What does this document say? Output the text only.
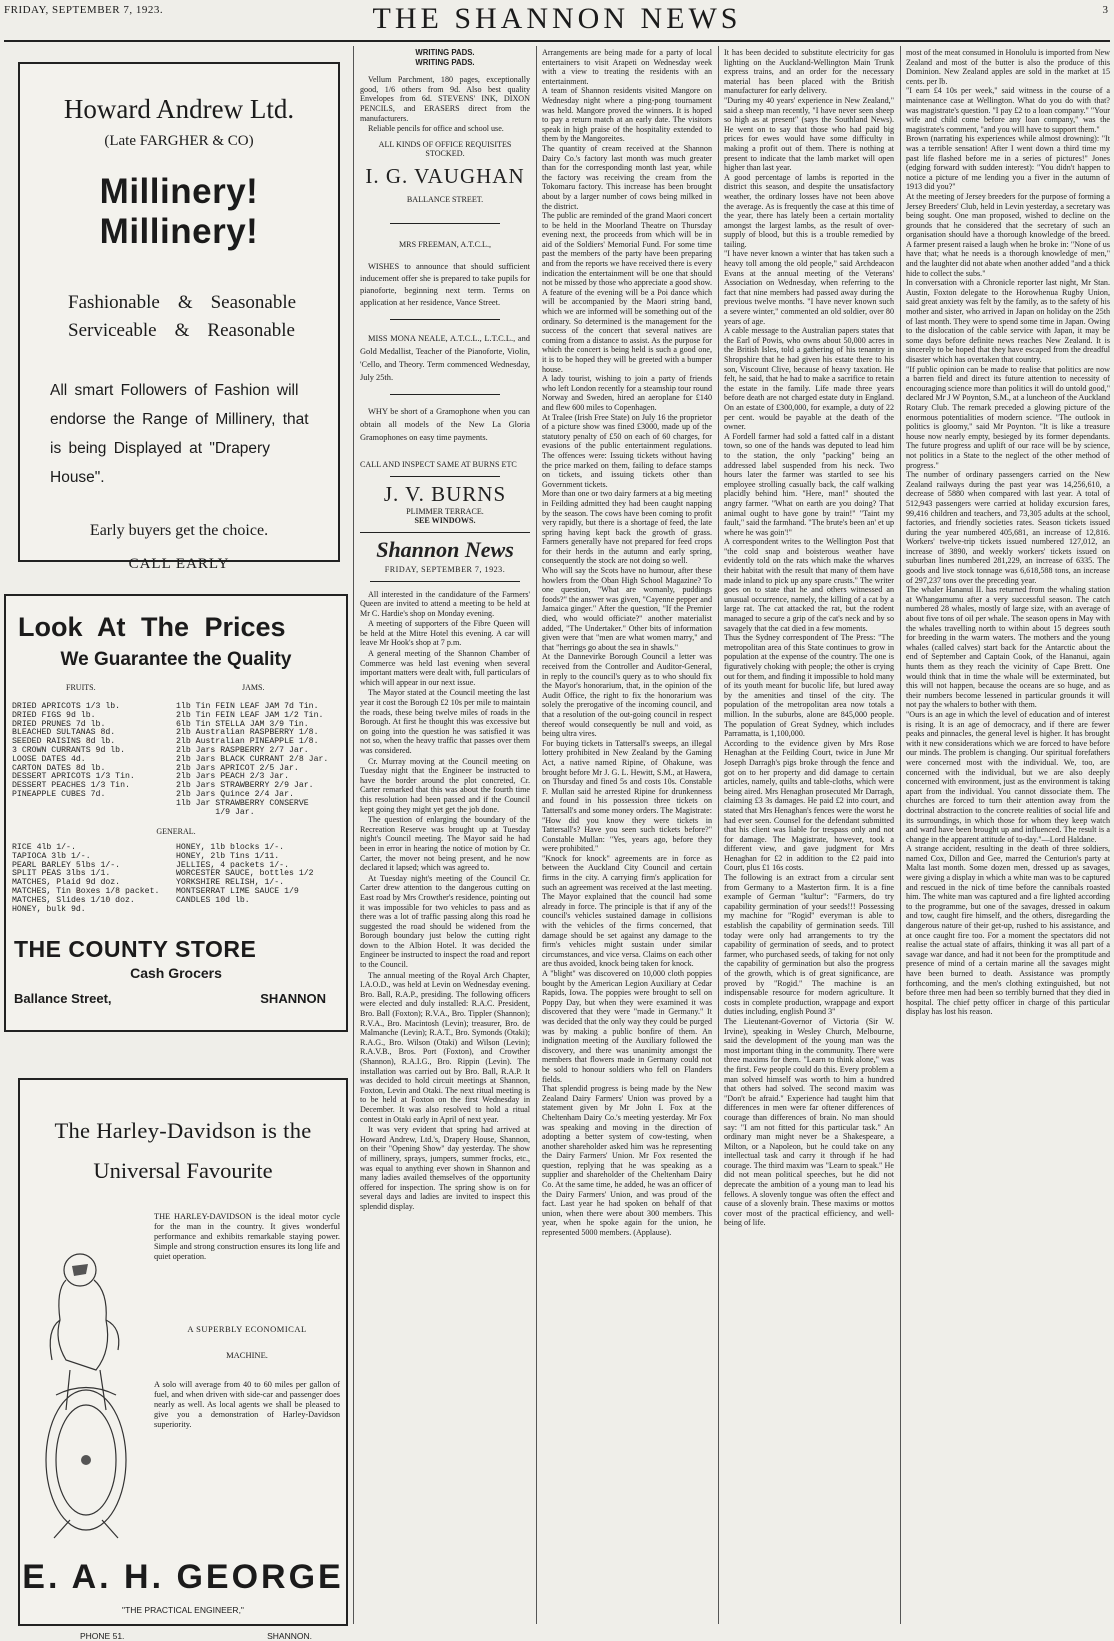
FRIDAY, SEPTEMBER 7, 1923.	THE SHANNON NEWS	3
Howard Andrew Ltd.
(Late FARGHER & CO)
Millinery! Millinery!
Fashionable & Seasonable
Serviceable & Reasonable
All smart Followers of Fashion will endorse the Range of Millinery, that is being Displayed at "Drapery House".
Early buyers get the choice.
CALL EARLY
Look At The Prices
We Guarantee the Quality
FRUITS.	JAMS.
DRIED APRICOTS 1/3 lb.
DRIED FIGS 9d lb.
DRIED PRUNES 7d lb.
BLEACHED SULTANAS 8d.
SEEDED RAISINS 8d lb.
3 CROWN CURRANTS 9d lb.
LOOSE DATES 4d.
CARTON DATES 8d lb.
DESSERT APRICOTS 1/3 Tin.
DESSERT PEACHES 1/3 Tin.
PINEAPPLE CUBES 7d.
1lb Tin FEIN LEAF JAM 7d Tin.
2lb Tin FEIN LEAF JAM 1/2 Tin.
6lb Tin STELLA JAM 3/9 Tin.
2lb Australian RASPBERRY 1/8.
2lb Australian PINEAPPLE 1/8.
2lb Jars RASPBERRY 2/7 Jar.
2lb Jars BLACK CURRANT 2/8 Jar.
2lb Jars APRICOT 2/5 Jar.
2lb Jars PEACH 2/3 Jar.
2lb Jars STRAWBERRY 2/9 Jar.
2lb Jars Quince 2/4 Jar.
1lb Jar STRAWBERRY CONSERVE
1/9 Jar.
GENERAL.
RICE 4lb 1/-.
TAPIOCA 3lb 1/-.
PEARL BARLEY 5lbs 1/-.
SPLIT PEAS 3lbs 1/1.
MATCHES, Plaid 9d doz.
MATCHES, Tin Boxes 1/8 packet.
MATCHES, Slides 1/10 doz.
HONEY, bulk 9d.
HONEY, 1lb blocks 1/-.
HONEY, 2lb Tins 1/11.
JELLIES, 4 packets 1/-.
WORCESTER SAUCE, bottles 1/2
YORKSHIRE RELISH, 1/-.
MONTSERRAT LIME SAUCE 1/9
CANDLES 10d lb.
THE COUNTY STORE
Cash Grocers
Ballance Street,	SHANNON
The Harley-Davidson is the
Universal Favourite
THE HARLEY-DAVIDSON is the ideal motor cycle for the man in the country. It gives wonderful performance and exhibits remarkable staying power. Simple and strong construction ensures its long life and quiet operation.
A SUPERBLY ECONOMICAL
MACHINE.
A solo will average from 40 to 60 miles per gallon of fuel, and when driven with side-car and passenger does nearly as well. As local agents we shall be pleased to give you a demonstration of Harley-Davidson superiority.
E. A. H. GEORGE
"THE PRACTICAL ENGINEER,"
PHONE 51.	SHANNON.
WRITING PADS.
WRITING PADS.

Vellum Parchment, 180 pages, exceptionally good, 1/6 others from 9d. Also best quality Envelopes from 6d. STEVENS' INK, DIXON PENCILS, and ERASERS direct from the manufacturers.

Reliable pencils for office and school use.

ALL KINDS OF OFFICE REQUISITES STOCKED.
I. G. VAUGHAN
BALLANCE STREET.
MRS FREEMAN, A.T.C.L.,

WISHES to announce that should sufficient inducement offer she is prepared to take pupils for pianoforte, beginning next term. Terms on application at her residence, Vance Street.

MISS MONA NEALE, A.T.C.L., L.T.C.L., and Gold Medallist, Teacher of the Pianoforte, Violin, 'Cello, and Theory. Term commenced Wednesday, July 25th.

WHY be short of a Gramophone when you can obtain all models of the New La Gloria Gramophones on easy time payments.

CALL AND INSPECT SAME AT BURNS ETC
J. V. BURNS
PLIMMER TERRACE.
SEE WINDOWS.
Shannon News
FRIDAY, SEPTEMBER 7, 1923.

All interested in the candidature of the Farmers' Queen are invited to attend a meeting to be held at Mr C. Hardie's shop on Monday evening.

A meeting of supporters of the Fibre Queen will be held at the Mitre Hotel this evening. A car will leave Mr Hook's shop at 7 p.m.

A general meeting of the Shannon Chamber of Commerce was held last evening when several important matters were dealt with, full particulars of which will appear in our next issue.

The Mayor stated at the Council meeting the last year it cost the Borough £2 10s per mile to maintain the roads, these being twelve miles of roads in the Borough. At first he thought this was excessive but on going into the question he was satisfied it was not so, when the heavy traffic that passes over them was considered.

Cr. Murray moving at the Council meeting on Tuesday night that the Engineer be instructed to have the border around the plot concreted, Cr. Carter remarked that this was about the fourth time this resolution had been passed and if the Council kept going they might yet get the job done.

The question of enlarging the boundary of the Recreation Reserve was brought up at Tuesday night's Council meeting. The Mayor said he had been in error in hearing the notice of motion by Cr. Carter, the mover not being present, and he now declared it lapsed; which was agreed to.

At Tuesday night's meeting of the Council Cr. Carter drew attention to the dangerous cutting on East road by Mrs Crowther's residence, pointing out it was impossible for two vehicles to pass and as there was a lot of traffic passing along this road he suggested the road should be widened from the Borough boundary just below the cutting right down to the Albion Hotel. It was decided the Engineer be instructed to inspect the road and report to the Council.

The annual meeting of the Royal Arch Chapter, I.A.O.D., was held at Levin on Wednesday evening. Bro. Ball, R.A.P., presiding. The following officers were elected and duly installed: R.A.C. President, Bro. Ball (Foxton); R.V.A., Bro. Tippler (Shannon); R.V.A., Bro. Macintosh (Levin); treasurer, Bro. de Malmanche (Levin); R.A.T., Bro. Symonds (Otaki); R.A.G., Bro. Wilson (Otaki) and Wilson (Levin); R.A.V.B., Bros. Port (Foxton), and Crowther (Shannon), R.A.I.G., Bro. Rippin (Levin). The installation was carried out by Bro. Ball, R.A.P. It was decided to hold circuit meetings at Shannon, Foxton, Levin and Otaki. The next ritual meeting is to be held at Foxton on the first Wednesday in December. It was also resolved to hold a ritual contest in Otaki early in April of next year.

It was very evident that spring had arrived at Howard Andrew, Ltd.'s, Drapery House, Shannon, on their "Opening Show" day yesterday. The show of millinery, sprays, jumpers, summer frocks, etc., was equal to anything ever shown in Shannon and many ladies availed themselves of the opportunity offered for inspection. The spring show is on for several days and ladies are invited to inspect this splendid display.

Arrangements are being made for a party of local entertainers to visit Arapeti on Wednesday week with a view to treating the residents with an entertainment.
A team of Shannon residents visited Mangore on Wednesday night where a ping-pong tournament was held. Mangore proved the winners. It is hoped to pay a return match at an early date. The visitors speak in high praise of the hospitality extended to them by the Mangoreites.
The quantity of cream received at the Shannon Dairy Co.'s factory last month was much greater than for the corresponding month last year, while the factory was receiving the cream from the Tokomaru factory. This increase has been brought about by a larger number of cows being milked in the district.
The public are reminded of the grand Maori concert to be held in the Moorland Theatre on Thursday evening next, the proceeds from which will be in aid of the Soldiers' Memorial Fund. For some time past the members of the party have been preparing and from the reports we have received there is every indication the entertainment will be one that should not be missed by those who appreciate a good show. A feature of the evening will be a Poi dance which will be accompanied by the Maori string band, which we are informed will be something out of the ordinary. So determined is the management for the success of the concert that several natives are coming from a distance to assist. As the purpose for which the concert is being held is such a good one, it is to be hoped they will be greeted with a bumper house.
A lady tourist, wishing to join a party of friends who left London recently for a steamship tour round Norway and Sweden, hired an aeroplane for £140 and flew 600 miles to Copenhagen.
At Tralee (Irish Free State) on July 16 the proprietor of a picture show was fined £3000, made up of the statutory penalty of £50 on each of 60 charges, for evasions of the public entertainment regulations. The offences were: Issuing tickets without having the price marked on them, failing to deface stamps on tickets, and issuing tickets other than Government tickets.
More than one or two dairy farmers at a big meeting in Feilding admitted they had been caught napping by the season. The cows have been coming to profit very rapidly, but there is a shortage of feed, the late spring having kept back the growth of grass. Farmers generally have not prepared for feed crops for their herds in the autumn and early spring, consequently the stock are not doing so well.
Who will say the Scots have no humour, after these howlers from the Oban High School Magazine? To one question, "What are womanly, puddings foods?" the answer was given, "Cayenne pepper and Jamaica ginger." After the question, "If the Premier died, who would officiate?" another materialist added, "The Undertaker." Other bits of information given were that "men are what women marry," and that "herrings go about the sea in shawls."
At the Dannevirke Borough Council a letter was received from the Controller and Auditor-General, in reply to the council's query as to who should fix the Mayor's honorarium, that, in the opinion of the Audit Office, the right to fix the honorarium was solely the prerogative of the incoming council, and that a resolution of the out-going council in respect thereof would consequently be null and void, as being ultra vires.
For buying tickets in Tattersall's sweeps, an illegal lottery prohibited in New Zealand by the Gaming Act, a native named Ripine, of Ohakune, was brought before Mr J. G. L. Hewitt, S.M., at Hawera, on Thursday and fined 5s and costs 10s. Constable F. Mullan said he arrested Ripine for drunkenness and found in his possession three tickets on Tattersall's and some money orders. The Magistrate: "How did you know they were tickets in Tattersall's? Have you seen such tickets before?" Constable Mullan: "Yes, years ago, before they were prohibited."
"Knock for knock" agreements are in force as between the Auckland City Council and certain firms in the city. A carrying firm's application for such an agreement was received at the last meeting. The Mayor explained that the council had some already in force. The principle is that if any of the council's vehicles sustained damage in collisions with the vehicles of the firms concerned, that damage should be set against any damage to the firm's vehicles might sustain under similar circumstances, and vice versa. Claims on each other are thus avoided, knock being taken for knock.
A "blight" was discovered on 10,000 cloth poppies bought by the American Legion Auxiliary at Cedar Rapids, Iowa. The poppies were brought to sell on Poppy Day, but when they were examined it was discovered that they were "made in Germany." It was decided that the only way they could be purged was by making a public bonfire of them. An indignation meeting of the Auxiliary followed the discovery, and there was unanimity amongst the members that flowers made in Germany could not be sold to honour soldiers who fell on Flanders fields.
That splendid progress is being made by the New Zealand Dairy Farmers' Union was proved by a statement given by Mr John I. Fox at the Cheltenham Dairy Co.'s meeting yesterday. Mr Fox was speaking and moving in the direction of adopting a better system of cow-testing, when another shareholder asked him was he representing the Dairy Farmers' Union. Mr Fox resented the question, replying that he was speaking as a supplier and shareholder of the Cheltenham Dairy Co. At the same time, he added, he was an officer of the Dairy Farmers' Union, and was proud of the fact. Last year he had spoken on behalf of that union, when there were about 300 members. This year, when he spoke again for the union, he represented 5000 members. (Applause).
It has been decided to substitute electricity for gas lighting on the Auckland-Wellington Main Trunk express trains, and an order for the necessary material has been placed with the British manufacturer for early delivery.
"During my 40 years' experience in New Zealand," said a sheep man recently, "I have never seen sheep so high as at present" (says the Southland News). He went on to say that those who had paid big prices for ewes would have some difficulty in making a profit out of them. There is nothing at present to indicate that the lamb market will open higher than last year.
A good percentage of lambs is reported in the district this season, and despite the unsatisfactory weather, the ordinary losses have not been above the average. As is frequently the case at this time of the year, there has lately been a certain mortality amongst the largest lambs, as the result of over-supply of blood, but this is a trouble remedied by tailing.
"I have never known a winter that has taken such a heavy toll among the old people," said Archdeacon Evans at the annual meeting of the Veterans' Association on Wednesday, when referring to the fact that nine members had passed away during the previous twelve months. "I have never known such a severe winter," commented an old soldier, over 80 years of age.
A cable message to the Australian papers states that the Earl of Powis, who owns about 50,000 acres in the British Isles, told a gathering of his tenantry in Shropshire that he had given his estate there to his son, Viscount Clive, because of heavy taxation. He felt, he said, that he had to make a sacrifice to retain the estate in the family. Life made three years before death are not charged estate duty in England. On an estate of £300,000, for example, a duty of 22 per cent. would be payable at the death of the owner.
A Fordell farmer had sold a fatted calf in a distant town, so one of the hands was deputed to lead him to the station, the only "packing" being an addressed label suspended from his neck. Two hours later the farmer was startled to see his employee strolling casually back, the calf walking placidly behind him. "Here, man!" shouted the angry farmer. "What on earth are you doing? That animal ought to have gone by train!" "Taint my fault," said the farmhand. "The brute's been an' et up where he was goin'!"
A correspondent writes to the Wellington Post that "the cold snap and boisterous weather have evidently told on the rats which make the wharves their habitat with the result that many of them have made inland to pick up any spare crusts." The writer goes on to state that he and others witnessed an unusual occurrence, namely, the killing of a cat by a large rat. The cat attacked the rat, but the rodent managed to secure a grip of the cat's neck and by so savagely that the cat died in a few moments.
Thus the Sydney correspondent of The Press: "The metropolitan area of this State continues to grow in population at the expense of the country. The one is figuratively choking with people; the other is crying out for them, and finding it impossible to hold many of its youth meant for bucolic life, but lured away by the amenities and tinsel of the city. The population of the metropolitan area now totals a million. In the suburbs, alone are 845,000 people. The population of Great Sydney, which includes Parramatta, is 1,100,000.
According to the evidence given by Mrs Rose Henaghan at the Feilding Court, twice in June Mr Joseph Darragh's pigs broke through the fence and got on to her property and did damage to certain articles, namely, quilts and table-cloths, which were being aired. Mrs Henaghan prosecuted Mr Darragh, claiming £3 3s damages. He paid £2 into court, and stated that Mrs Henaghan's fences were the worst he had ever seen. Counsel for the defendant submitted that his client was liable for trespass only and not for damage. The Magistrate, however, took a different view, and gave judgment for Mrs Henaghan for £2 in addition to the £2 paid into Court, plus £1 16s costs.
The following is an extract from a circular sent from Germany to a Masterton firm. It is a fine example of German "kultur": "Farmers, do try capability germination of your seeds!!! Possessing my machine for "Rogid" everyman is able to establish the capability of germination seeds. Till today were only had arrangements to try the capability of germination of seeds, and to protect farmer, who purchased seeds, of taking for not only the capability of germination but also the progress of the growth, which is of great significance, are proved by "Rogid." The machine is an indispensable resource for modern agriculture. It costs in complete production, wrappage and export duties including, english Pound 3"
The Lieutenant-Governor of Victoria (Sir W. Irvine), speaking in Wesley Church, Melbourne, said the development of the young man was the most important thing in the community. There were three maxims for them. "Learn to think alone," was the first. Few people could do this. Every problem a man solved himself was worth to him a hundred that others had solved. The second maxim was "Don't be afraid." Experience had taught him that differences in men were far oftener differences of courage than differences of brain. No man should say: "I am not fitted for this particular task." An ordinary man might never be a Shakespeare, a Milton, or a Napoleon, but he could take on any intellectual task and carry it through if he had courage. The third maxim was "Learn to speak." He did not mean political speeches, but he did not deprecate the ambition of a young man to lead his fellows. A slovenly tongue was often the effect and cause of a slovenly brain. These maxims or mottos cover most of the practical efficiency, and well-being of life.
most of the meat consumed in Honolulu is imported from New Zealand and most of the butter is also the produce of this Dominion. New Zealand apples are sold in the market at 15 cents. per lb.
"I earn £4 10s per week," said witness in the course of a maintenance case at Wellington. What do you do with that? was magistrate's question. "I pay £2 to a loan company." "Your wife and child come before any loan company," was the magistrate's comment, "and you will have to support them."
Brown (narrating his experiences while almost drowning): "It was a terrible sensation! After I went down a third time my past life flashed before me in a series of pictures!" Jones (edging forward with sudden interest): "You didn't happen to notice a picture of me lending you a fiver in the autumn of 1913 did you?"
At the meeting of Jersey breeders for the purpose of forming a Jersey Breeders' Club, held in Levin yesterday, a secretary was being sought. One man proposed, wished to decline on the grounds that he considered that the secretary of such an organisation should have a thorough knowledge of the breed. A farmer present raised a laugh when he broke in: "None of us have that; what he needs is a thorough knowledge of men," and the laughter did not abate when another added "and a thick hide to collect the subs."
In conversation with a Chronicle reporter last night, Mr Stan. Austin, Foxton delegate to the Horowhenua Rugby Union, said great anxiety was felt by the family, as to the safety of his mother and sister, who arrived in Japan on holiday on the 25th of last month. They were to spend some time in Japan. Owing to the dislocation of the cable service with Japan, it may be some days before definite news reaches New Zealand. It is sincerely to be hoped that they have escaped from the dreadful disaster which has overtaken that country.
"If public opinion can be made to realise that politics are now a barren field and direct its future attention to necessity of encouraging science more than politics it will do untold good," declared Mr J W Poynton, S.M., at a luncheon of the Auckland Rotary Club. The remark preceded a glowing picture of the enormous potentialities of modern science. "The outlook in politics is gloomy," said Mr Poynton. "It is like a treasure house now nearly empty, besieged by its former dependants. The future progress and uplift of our race will be by science, not politics in a State to the neglect of the other method of progress."
The number of ordinary passengers carried on the New Zealand railways during the past year was 14,256,610, a decrease of 5880 when compared with last year. A total of 512,943 passengers were carried at holiday excursion fares, 99,416 children and teachers, and 73,305 adults at the school, factories, and friendly societies rates. Season tickets issued during the year numbered 405,681, an increase of 12,816. Workers' twelve-trip tickets issued numbered 127,012, an increase of 3890, and weekly workers' tickets issued on suburban lines numbered 281,229, an increase of 6335. The goods and live stock tonnage was 6,618,588 tons, an increase of 297,237 tons over the preceding year.
The whaler Hananui II. has returned from the whaling station at Whangamumu after a very successful season. The catch numbered 28 whales, mostly of large size, with an average of about five tons of oil per whale. The season opens in May with the whales travelling north to within about 15 degrees south for breeding in the warm waters. The mothers and the young whales (called calves) start back for the Antarctic about the end of September and Captain Cook, of the Hananui, again hunts them as they reach the vicinity of Cape Brett. One would think that in time the whale will be exterminated, but this will not happen, because the oceans are so huge, and as their numbers become lessened in particular grounds it will not pay the whalers to bother with them.
"Ours is an age in which the level of education and of interest is rising. It is an age of democracy, and if there are fewer peaks and pinnacles, the general level is higher. It has brought with it new considerations which we are forced to have before our minds. The problem is changing. Our spiritual forefathers were concerned most with the individual. We, too, are concerned with the individual, but we are also deeply concerned with environment, just as the environment is taking apart from the individual. You cannot dissociate them. The churches are forced to turn their attention away from the doctrinal abstraction to the concrete realities of social life and its surroundings, in which those for whom they keep watch and ward have been brought up and influenced. The result is a change in the apparent attitude of to-day."—Lord Haldane.
A strange accident, resulting in the death of three soldiers, named Cox, Dillon and Gee, marred the Centurion's party at Malta last month. Some dozen men, dressed up as savages, were giving a display in which a white man was to be captured and rescued in the nick of time before the cannibals roasted him. The white man was captured and a fire lighted according to the programme, but one of the savages, dressed in oakum and tow, caught fire himself, and the others, disregarding the dangerous nature of their get-up, rushed to his assistance, and at once caught fire too. For a moment the spectators did not realise the actual state of affairs, thinking it was all part of a savage war dance, and had it not been for the promptitude and presence of mind of a certain marine all the savages might have been burned to death. Assistance was promptly forthcoming, and the men's clothing extinguished, but not before three men had been so terribly burned that they died in hospital. The chief petty officer in charge of this particular display has lost his reason.
